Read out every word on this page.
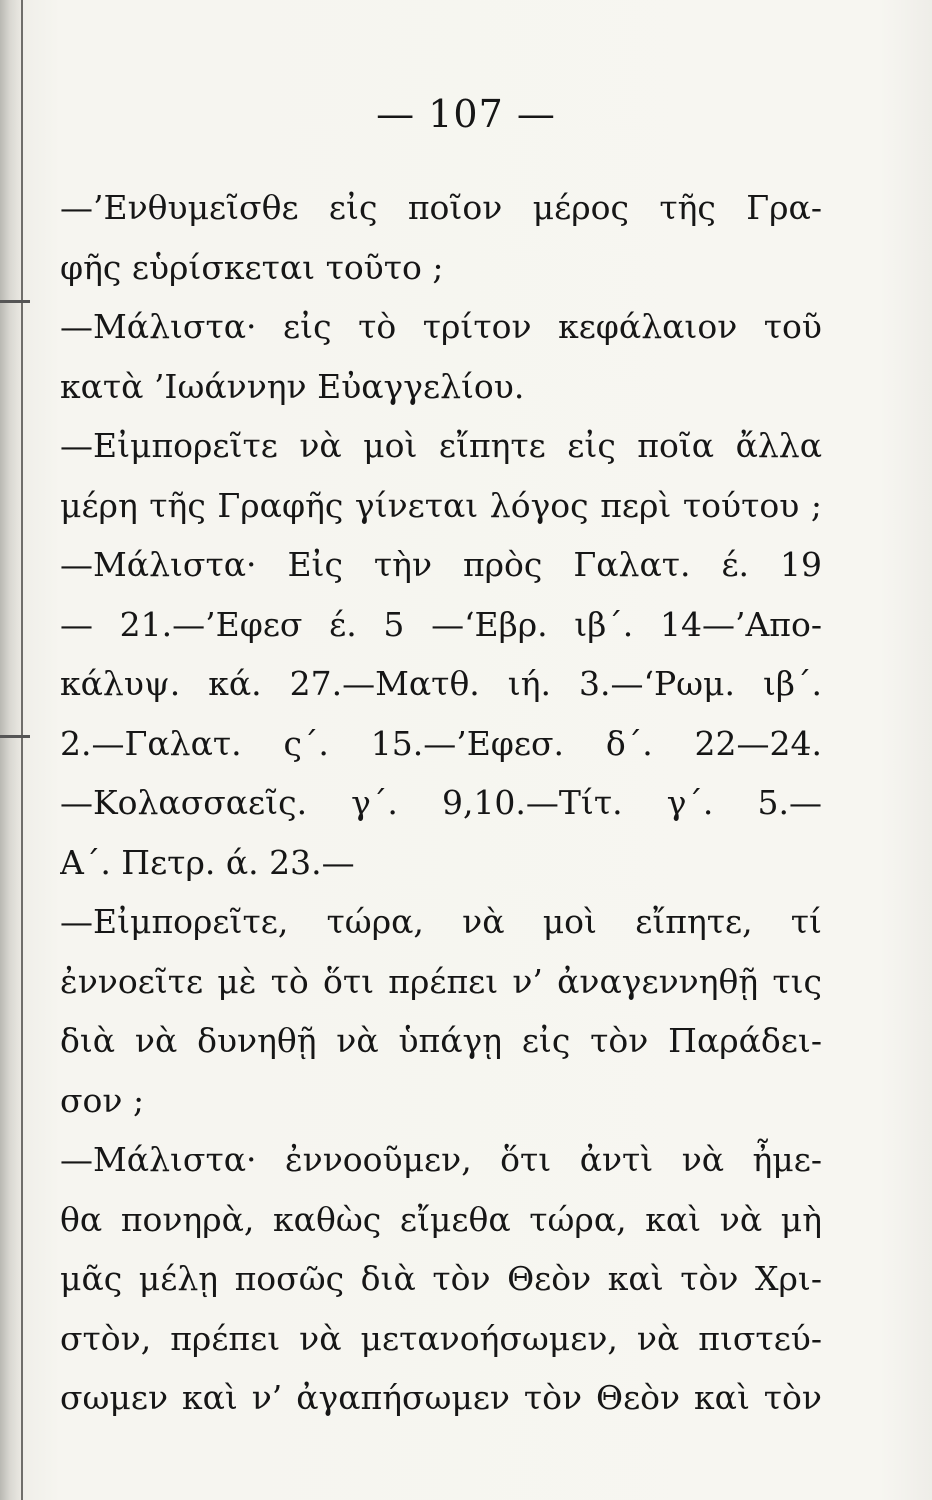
— 107 —
—’Ενθυμεῖσθε εἰς ποῖον μέρος τῆς Γρα-
φῆς εὑρίσκεται τοῦτο ;
—Μάλιστα· εἰς τὸ τρίτον κεφάλαιον τοῦ
κατὰ ’Ιωάννην Εὐαγγελίου.
—Εἰμπορεῖτε νὰ μοὶ εἴπητε εἰς ποῖα ἄλλα
μέρη τῆς Γραφῆς γίνεται λόγος περὶ τούτου ;
—Μάλιστα· Εἰς τὴν πρὸς Γαλατ. έ. 19
— 21.—’Εφεσ έ. 5 —‘Εβρ. ιβ΄. 14—’Απο-
κάλυψ. κά. 27.—Ματθ. ιή. 3.—‘Ρωμ. ιβ΄.
2.—Γαλατ. ς΄. 15.—’Εφεσ. δ΄. 22—24.
—Κολασσαεῖς. γ΄. 9,10.—Τίτ. γ΄. 5.—
Α΄. Πετρ. ά. 23.—
—Εἰμπορεῖτε, τώρα, νὰ μοὶ εἴπητε, τί
ἐννοεῖτε μὲ τὸ ὅτι πρέπει ν’ ἀναγεννηθῇ τις
διὰ νὰ δυνηθῇ νὰ ὑπάγῃ εἰς τὸν Παράδει-
σον ;
—Μάλιστα· ἐννοοῦμεν, ὅτι ἀντὶ νὰ ἦμε-
θα πονηρὰ, καθὼς εἴμεθα τώρα, καὶ νὰ μὴ
μᾶς μέλῃ ποσῶς διὰ τὸν Θεὸν καὶ τὸν Χρι-
στὸν, πρέπει νὰ μετανοήσωμεν, νὰ πιστεύ-
σωμεν καὶ ν’ ἀγαπήσωμεν τὸν Θεὸν καὶ τὸν
